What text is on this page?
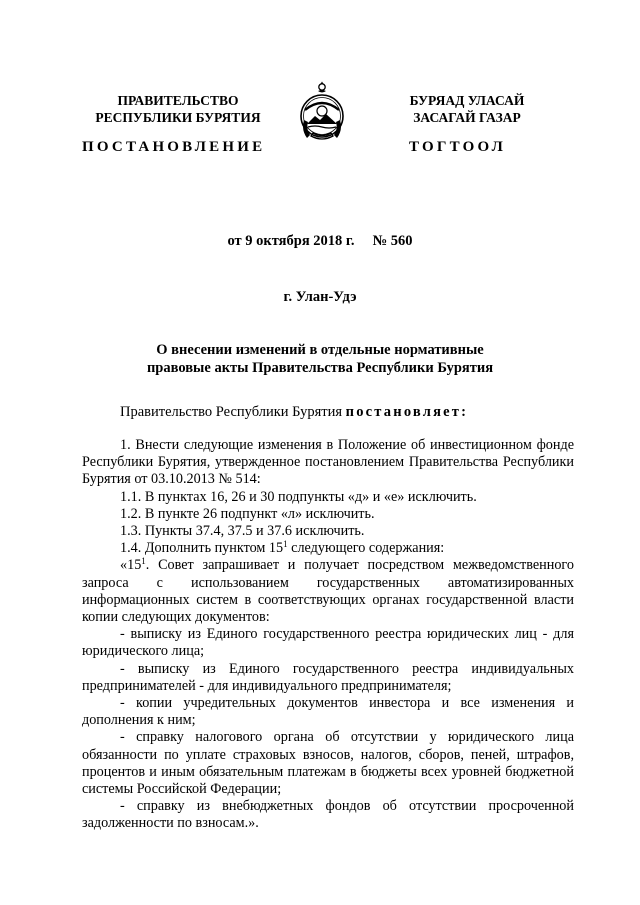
ПРАВИТЕЛЬСТВО
РЕСПУБЛИКИ БУРЯТИЯ
БУРЯАД УЛАСАЙ
ЗАСАГАЙ ГАЗАР
ПОСТАНОВЛЕНИЕ	ТОГТООЛ
от 9 октября 2018 г.     № 560
г. Улан-Удэ
О внесении изменений в отдельные нормативные
правовые акты Правительства Республики Бурятия
Правительство Республики Бурятия постановляет:

1. Внести следующие изменения в Положение об инвестиционном фонде Республики Бурятия, утвержденное постановлением Правительства Республики Бурятия от 03.10.2013 № 514:

1.1. В пунктах 16, 26 и 30 подпункты «д» и «е» исключить.

1.2. В пункте 26 подпункт «л» исключить.

1.3. Пункты 37.4, 37.5 и 37.6 исключить.

1.4. Дополнить пунктом $15^1$ следующего содержания:

«$15^1$. Совет запрашивает и получает посредством межведомственного запроса с использованием государственных автоматизированных информационных систем в соответствующих органах государственной власти копии следующих документов:

- выписку из Единого государственного реестра юридических лиц - для юридического лица;

- выписку из Единого государственного реестра индивидуальных предпринимателей - для индивидуального предпринимателя;

- копии учредительных документов инвестора и все изменения и дополнения к ним;

- справку налогового органа об отсутствии у юридического лица обязанности по уплате страховых взносов, налогов, сборов, пеней, штрафов, процентов и иным обязательным платежам в бюджеты всех уровней бюджетной системы Российской Федерации;

- справку из внебюджетных фондов об отсутствии просроченной задолженности по взносам.».
